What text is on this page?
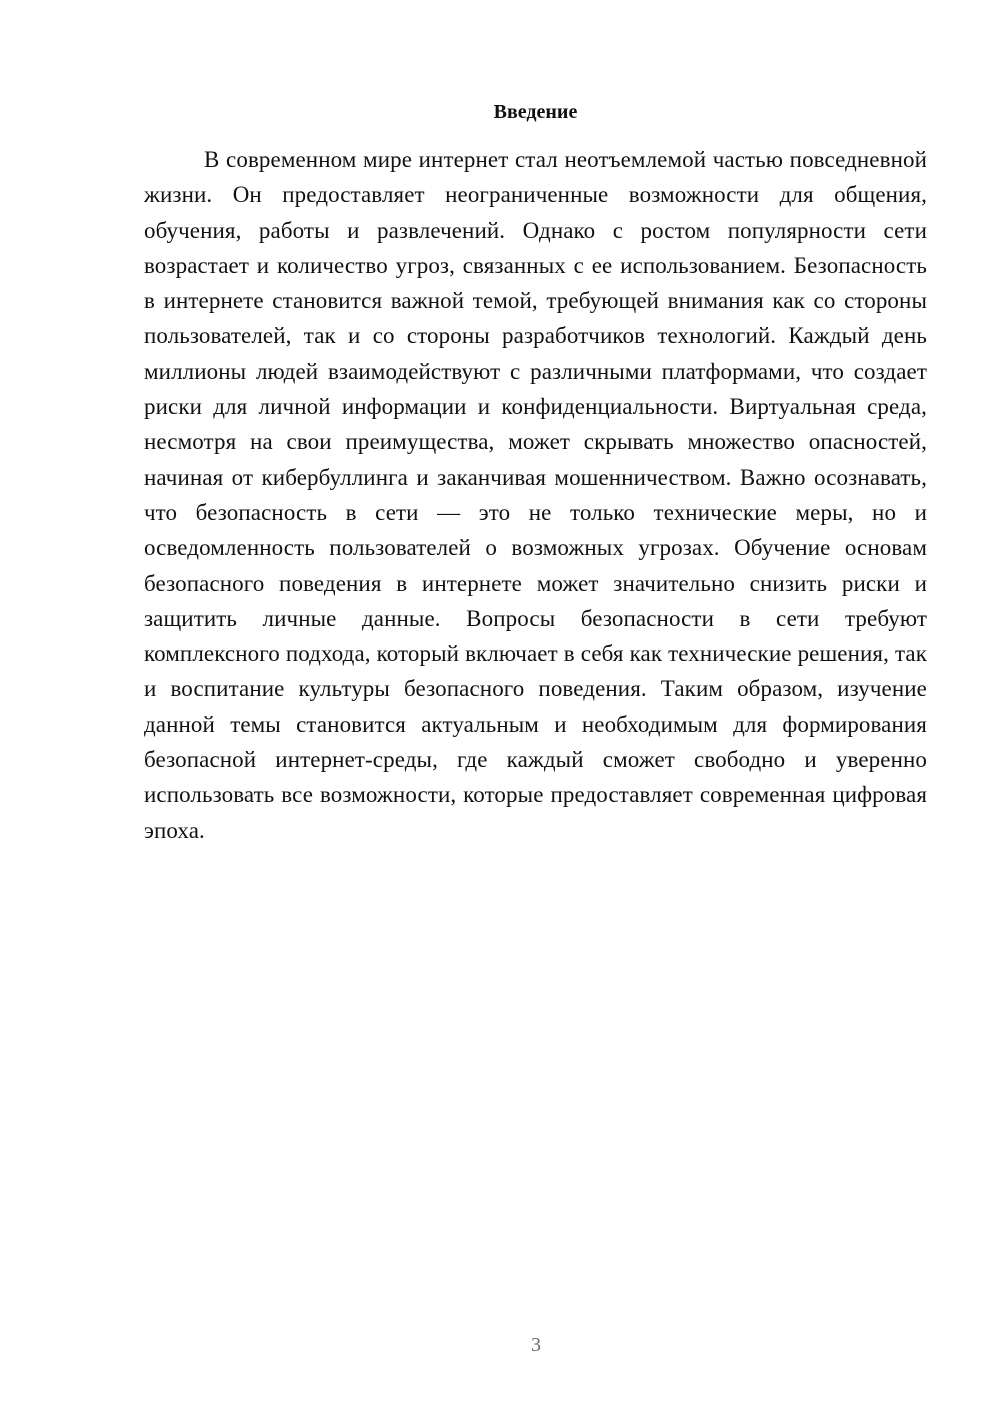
Введение

В современном мире интернет стал неотъемлемой частью повседневной жизни. Он предоставляет неограниченные возможности для общения, обучения, работы и развлечений. Однако с ростом популярности сети возрастает и количество угроз, связанных с ее использованием. Безопасность в интернете становится важной темой, требующей внимания как со стороны пользователей, так и со стороны разработчиков технологий. Каждый день миллионы людей взаимодействуют с различными платформами, что создает риски для личной информации и конфиденциальности. Виртуальная среда, несмотря на свои преимущества, может скрывать множество опасностей, начиная от кибербуллинга и заканчивая мошенничеством. Важно осознавать, что безопасность в сети — это не только технические меры, но и осведомленность пользователей о возможных угрозах. Обучение основам безопасного поведения в интернете может значительно снизить риски и защитить личные данные. Вопросы безопасности в сети требуют комплексного подхода, который включает в себя как технические решения, так и воспитание культуры безопасного поведения. Таким образом, изучение данной темы становится актуальным и необходимым для формирования безопасной интернет-среды, где каждый сможет свободно и уверенно использовать все возможности, которые предоставляет современная цифровая эпоха.

3
